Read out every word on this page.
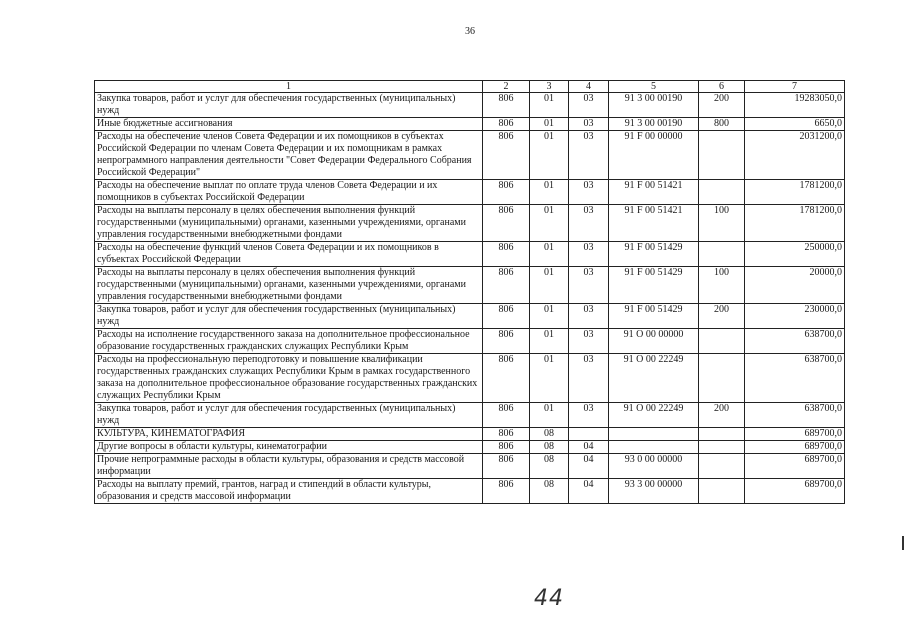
36
1	2	3	4	5	6	7
Закупка товаров, работ и услуг для обеспечения государственных (муниципальных) нужд	806	01	03	91 3 00 00190	200	19283050,0
Иные бюджетные ассигнования	806	01	03	91 3 00 00190	800	6650,0
Расходы на обеспечение членов Совета Федерации и их помощников в субъектах Российской Федерации по членам Совета Федерации и их помощникам в рамках непрограммного направления деятельности "Совет Федерации Федерального Собрания Российской Федерации"	806	01	03	91 F 00 00000		2031200,0
Расходы на обеспечение выплат по оплате труда членов Совета Федерации и их помощников в субъектах Российской Федерации	806	01	03	91 F 00 51421		1781200,0
Расходы на выплаты персоналу в целях обеспечения выполнения функций государственными (муниципальными) органами, казенными учреждениями, органами управления государственными внебюджетными фондами	806	01	03	91 F 00 51421	100	1781200,0
Расходы на обеспечение функций членов Совета Федерации и их помощников в субъектах Российской Федерации	806	01	03	91 F 00 51429		250000,0
Расходы на выплаты персоналу в целях обеспечения выполнения функций государственными (муниципальными) органами, казенными учреждениями, органами управления государственными внебюджетными фондами	806	01	03	91 F 00 51429	100	20000,0
Закупка товаров, работ и услуг для обеспечения государственных (муниципальных) нужд	806	01	03	91 F 00 51429	200	230000,0
Расходы на исполнение государственного заказа на дополнительное профессиональное образование государственных гражданских служащих Республики Крым	806	01	03	91 O 00 00000		638700,0
Расходы на профессиональную переподготовку и повышение квалификации государственных гражданских служащих Республики Крым в рамках государственного заказа на дополнительное профессиональное образование государственных гражданских служащих Республики Крым	806	01	03	91 O 00 22249		638700,0
Закупка товаров, работ и услуг для обеспечения государственных (муниципальных) нужд	806	01	03	91 O 00 22249	200	638700,0
КУЛЬТУРА, КИНЕМАТОГРАФИЯ	806	08				689700,0
Другие вопросы в области культуры, кинематографии	806	08	04			689700,0
Прочие непрограммные расходы в области культуры, образования и средств массовой информации	806	08	04	93 0 00 00000		689700,0
Расходы на выплату премий, грантов, наград и стипендий в области культуры, образования и средств массовой информации	806	08	04	93 3 00 00000		689700,0
44
